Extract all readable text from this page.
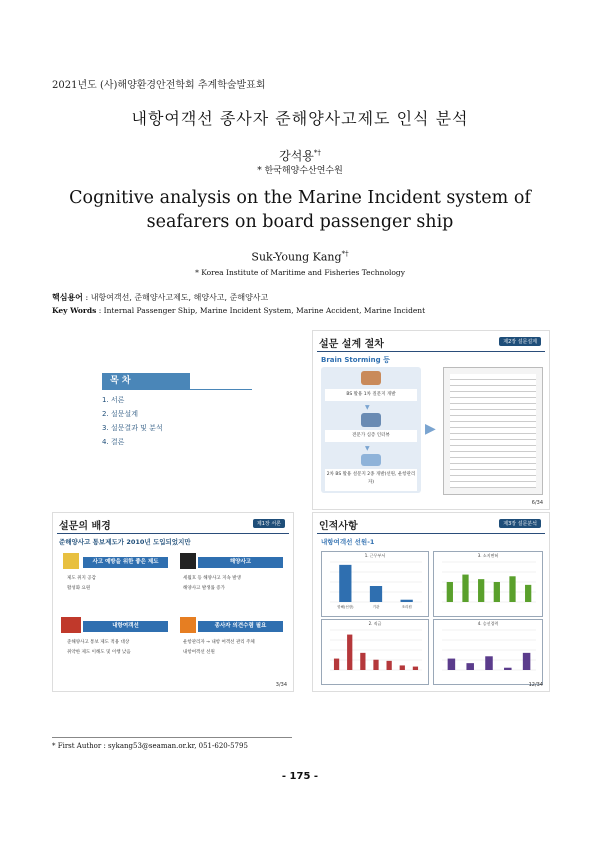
2021년도 (사)해양환경안전학회 추계학술발표회
내항여객선 종사자 준해양사고제도 인식 분석
강석용*†
* 한국해양수산연수원
Cognitive analysis on the Marine Incident system of seafarers on board passenger ship
Suk-Young Kang*†
* Korea Institute of Maritime and Fisheries Technology
핵심용어 : 내항여객선, 준해양사고제도, 해양사고, 준해양사고
Key Words : Internal Passenger Ship, Marine Incident System, Marine Accident, Marine Incident
목 차
1. 서론
2. 설문설계
3. 설문결과 및 분석
4. 결론
설문 설계 절차	제2장 설문설계
Brain Storming 등
BS 활용 1차 질문지 개발
▼
전문가 심층 인터뷰
▼
2차 BS 활용 설문지 2종 개발(선원, 운항관리자)
▶
6/34
설문의 배경	제1장 서론
준해양사고 통보제도가 2010년 도입되었지만
사고 예방을 위한 좋은 제도
제도 취지 공감
활성화 요원
해양사고
세월호 등 해양사고 지속 발생
해양사고 발생률 증가
내항여객선
준해양사고 통보 제도 적용 대상
취약한 제도 이해도 및 이행 낮음
종사자 의견수렴 필요
운항관리자 → 내항 여객선 관리 주체
내항여객선 선원
3/34
인적사항	제3장 설문분석
내항여객선 선원-1
1. 근무부서
항해(선장)	기관	조리원
3. 소지면허
2. 직급	4. 승선경력
12/34
* First Author : sykang53@seaman.or.kr, 051-620-5795
- 175 -
